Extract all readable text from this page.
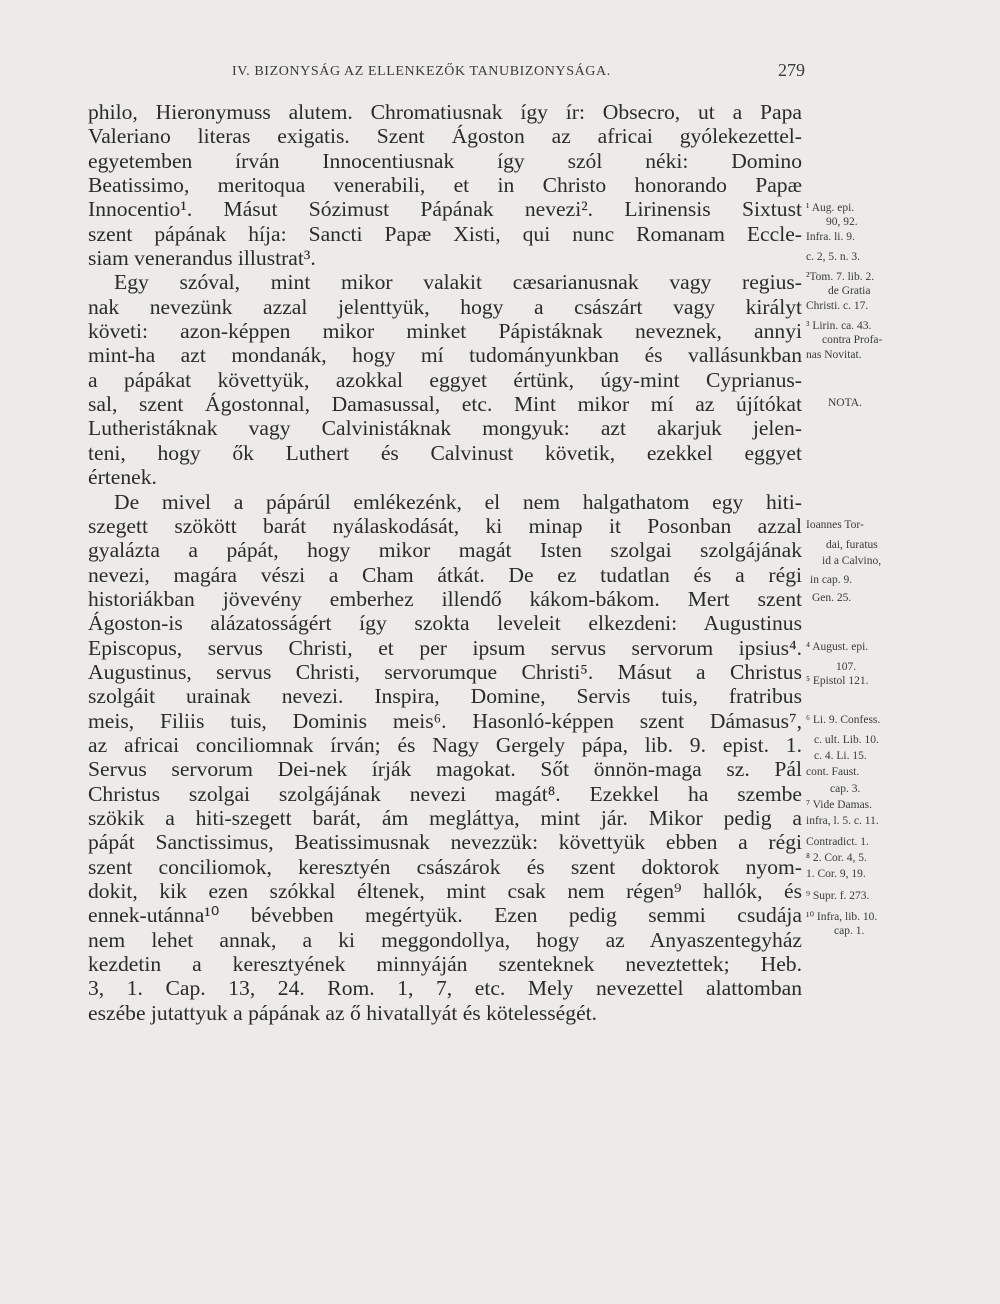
IV. BIZONYSÁG AZ ELLENKEZŐK TANUBIZONYSÁGA.	279
philo, Hieronymuss alutem. Chromatiusnak így ír: Obsecro, ut a Papa
Valeriano literas exigatis. Szent Ágoston az africai gyólekezettel-
egyetemben írván Innocentiusnak így szól néki: Domino
Beatissimo, meritoqua venerabili, et in Christo honorando Papæ
Innocentio¹. Másut Sózimust Pápának nevezi². Lirinensis Sixtust
szent pápának híja: Sancti Papæ Xisti, qui nunc Romanam Eccle-
siam venerandus illustrat³.
Egy szóval, mint mikor valakit cæsarianusnak vagy regius-
nak nevezünk azzal jelenttyük, hogy a császárt vagy királyt
követi: azon-képpen mikor minket Pápistáknak neveznek, annyi
mint-ha azt mondanák, hogy mí tudományunkban és vallásunkban
a pápákat követtyük, azokkal eggyet értünk, úgy-mint Cyprianus-
sal, szent Ágostonnal, Damasussal, etc. Mint mikor mí az újítókat
Lutheristáknak vagy Calvinistáknak mongyuk: azt akarjuk jelen-
teni, hogy ők Luthert és Calvinust követik, ezekkel eggyet
értenek.
De mivel a pápárúl emlékezénk, el nem halgathatom egy hiti-
szegett szökött barát nyálaskodását, ki minap it Posonban azzal
gyalázta a pápát, hogy mikor magát Isten szolgai szolgájának
nevezi, magára vészi a Cham átkát. De ez tudatlan és a régi
historiákban jövevény emberhez illendő kákom-bákom. Mert szent
Ágoston-is alázatosságért így szokta leveleit elkezdeni: Augustinus
Episcopus, servus Christi, et per ipsum servus servorum ipsius⁴.
Augustinus, servus Christi, servorumque Christi⁵. Másut a Christus
szolgáit urainak nevezi. Inspira, Domine, Servis tuis, fratribus
meis, Filiis tuis, Dominis meis⁶. Hasonló-képpen szent Dámasus⁷,
az africai conciliomnak írván; és Nagy Gergely pápa, lib. 9. epist. 1.
Servus servorum Dei-nek írják magokat. Sőt önnön-maga sz. Pál
Christus szolgai szolgájának nevezi magát⁸. Ezekkel ha szembe
szökik a hiti-szegett barát, ám megláttya, mint jár. Mikor pedig a
pápát Sanctissimus, Beatissimusnak nevezzük: követtyük ebben a régi
szent conciliomok, keresztyén császárok és szent doktorok nyom-
dokit, kik ezen szókkal éltenek, mint csak nem régen⁹ hallók, és
ennek-utánna¹⁰ bévebben megértyük. Ezen pedig semmi csudája
nem lehet annak, a ki meggondollya, hogy az Anyaszentegyház
kezdetin a keresztyének minnyáján szenteknek neveztettek; Heb.
3, 1. Cap. 13, 24. Rom. 1, 7, etc. Mely nevezettel alattomban
eszébe jutattyuk a pápának az ő hivatallyát és kötelességét.
¹ Aug. epi.
90, 92.
Infra. li. 9.
c. 2, 5. n. 3.
²Tom. 7. lib. 2.
de Gratia
Christi. c. 17.
³ Lirin. ca. 43.
contra Profa-
nas Novitat.
NOTA.
Ioannes Tor-
dai, furatus
id a Calvino,
in cap. 9.
Gen. 25.
⁴ August. epi.
107.
⁵ Epistol 121.
⁶ Li. 9. Confess.
c. ult. Lib. 10.
c. 4. Li. 15.
cont. Faust.
cap. 3.
⁷ Vide Damas.
infra, l. 5. c. 11.
Contradict. 1.
⁸ 2. Cor. 4, 5.
1. Cor. 9, 19.
⁹ Supr. f. 273.
¹⁰ Infra, lib. 10.
cap. 1.
